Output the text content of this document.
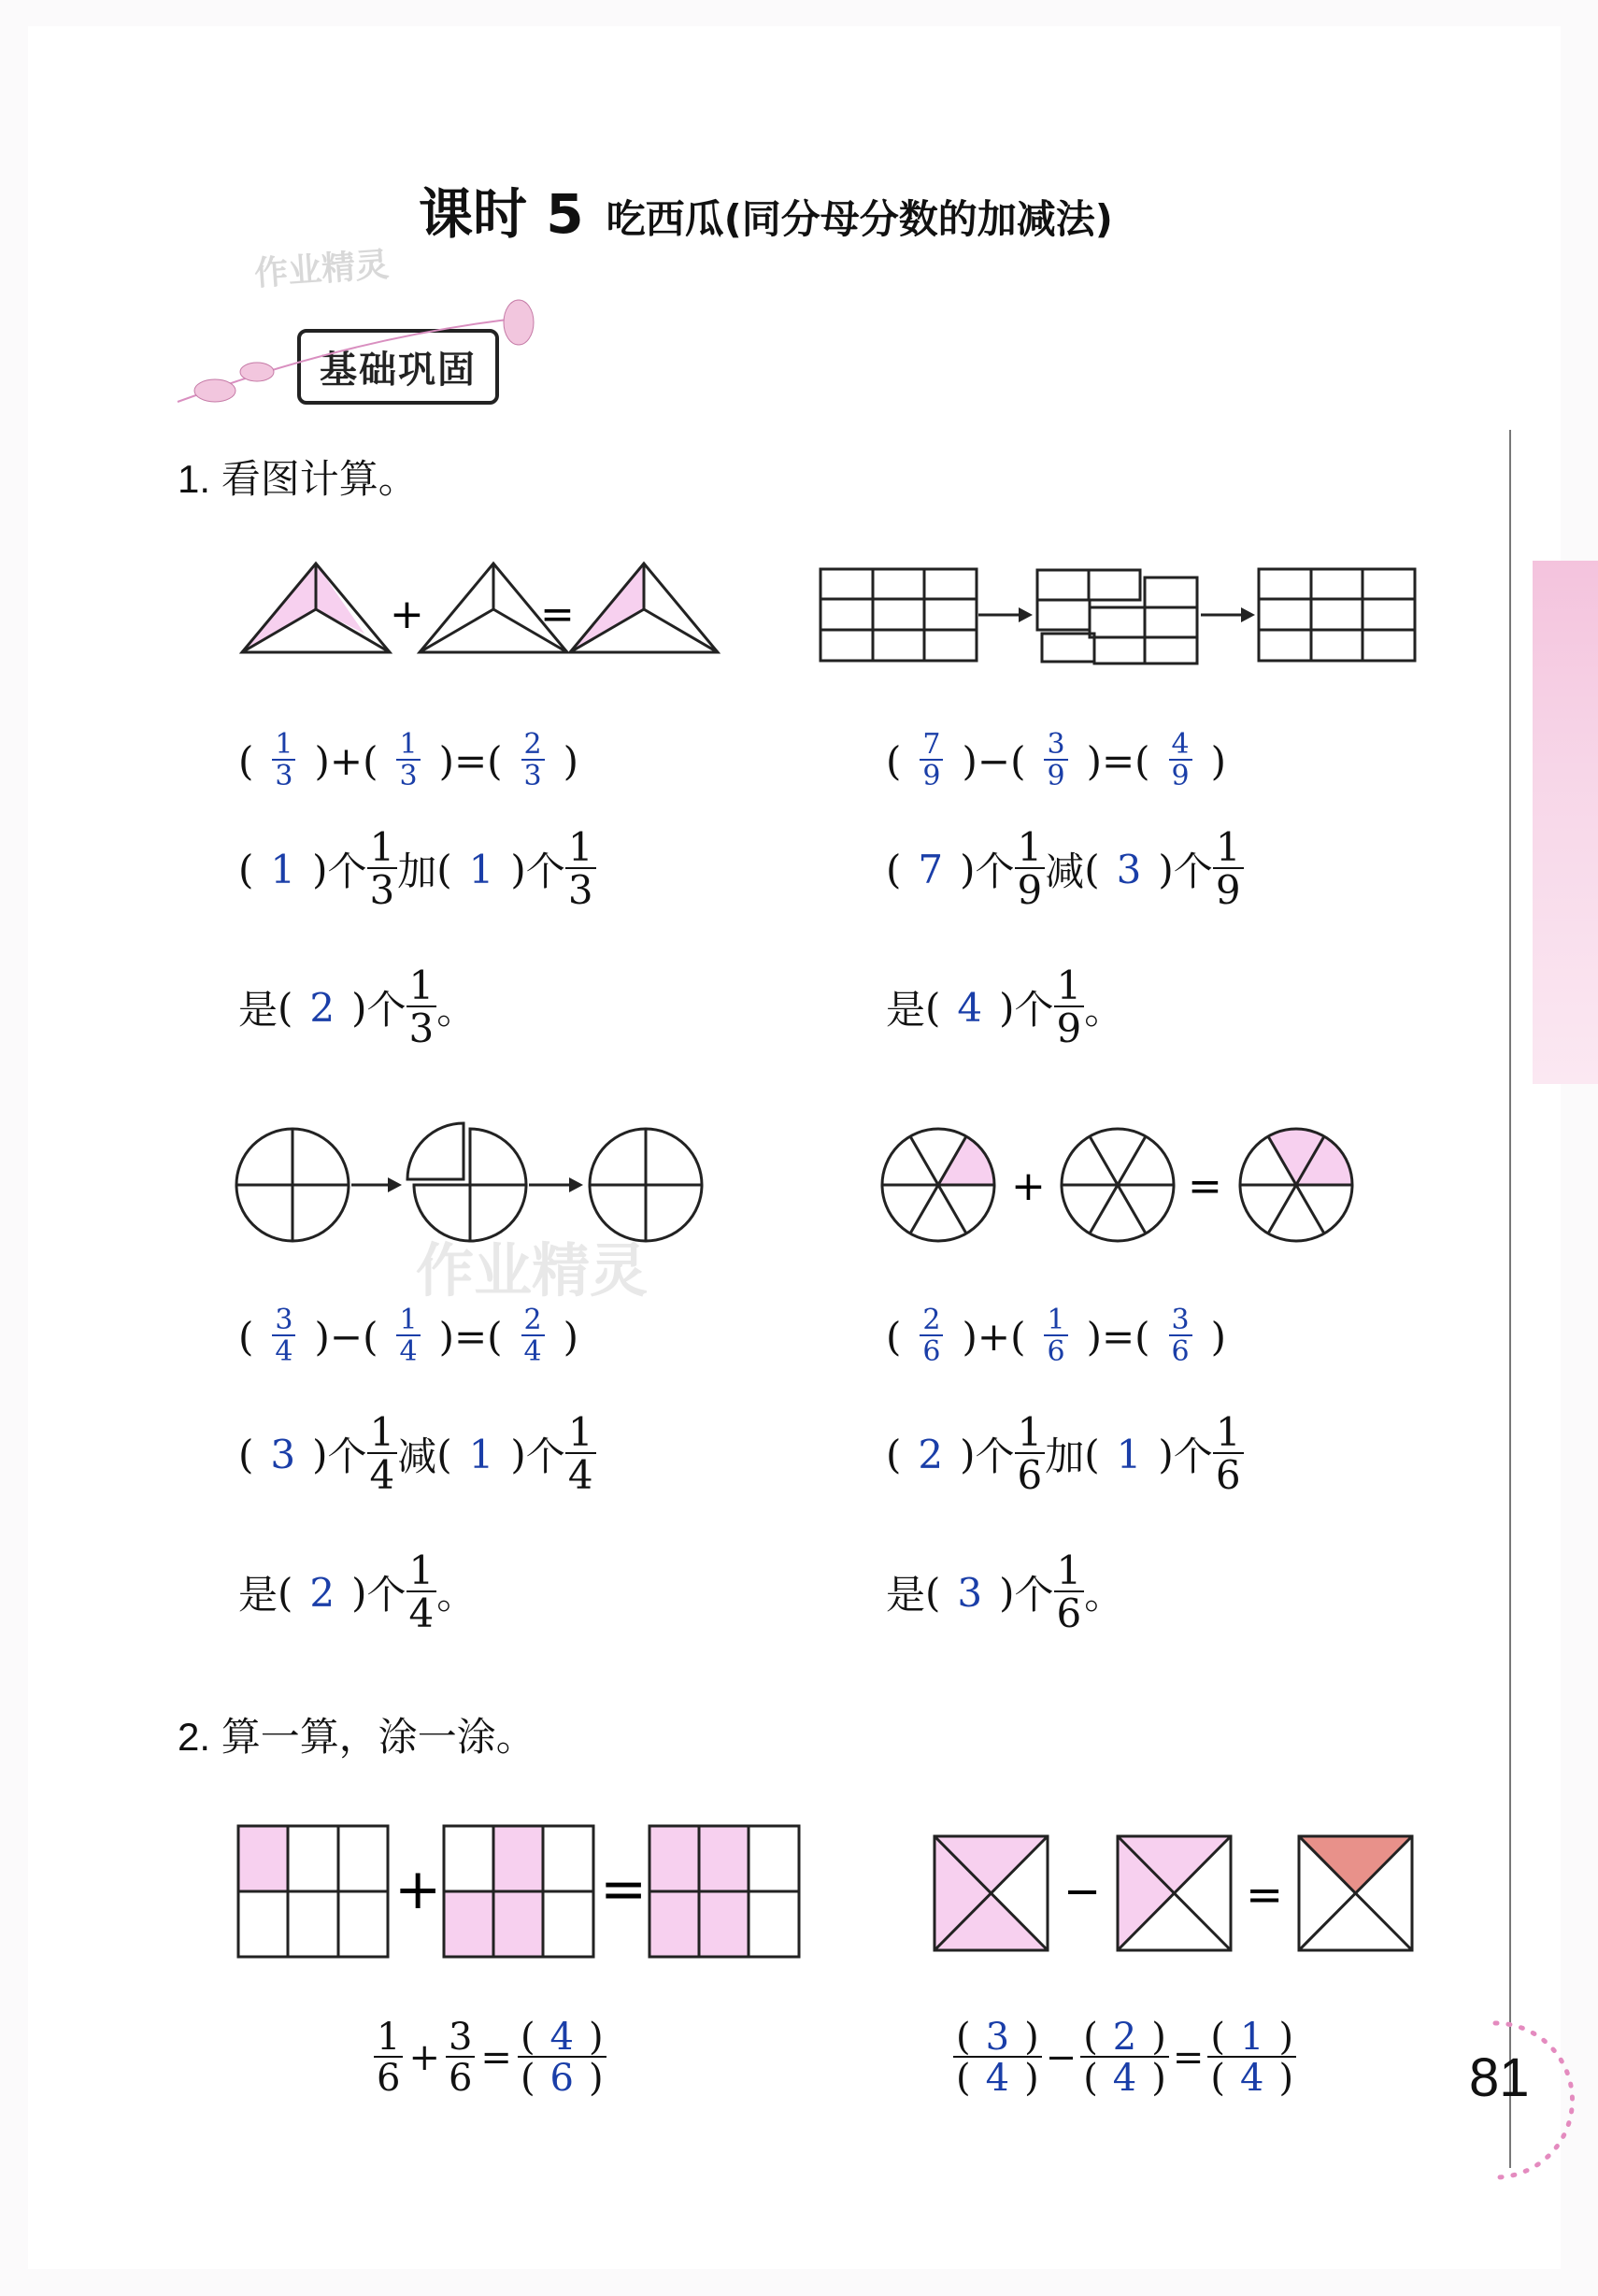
课时 5 吃西瓜(同分母分数的加减法)
作业精灵
基础巩固
1. 看图计算。
+	=
+	=
+	=	−	=
作业精灵
( $\frac{1}{3}$ ) + ( $\frac{1}{3}$ ) = ( $\frac{2}{3}$ )
( 1 ) 个 $\frac{1}{3}$ 加 ( 1 ) 个 $\frac{1}{3}$
是 ( 2 ) 个 $\frac{1}{3}$ 。
( $\frac{7}{9}$ ) − ( $\frac{3}{9}$ ) = ( $\frac{4}{9}$ )
( 7 ) 个 $\frac{1}{9}$ 减 ( 3 ) 个 $\frac{1}{9}$
是 ( 4 ) 个 $\frac{1}{9}$ 。
( $\frac{3}{4}$ ) − ( $\frac{1}{4}$ ) = ( $\frac{2}{4}$ )
( 3 ) 个 $\frac{1}{4}$ 减 ( 1 ) 个 $\frac{1}{4}$
是 ( 2 ) 个 $\frac{1}{4}$ 。
( $\frac{2}{6}$ ) + ( $\frac{1}{6}$ ) = ( $\frac{3}{6}$ )
( 2 ) 个 $\frac{1}{6}$ 加 ( 1 ) 个 $\frac{1}{6}$
是 ( 3 ) 个 $\frac{1}{6}$ 。
2. 算一算，涂一涂。
$\frac{1}{6} + \frac{3}{6} = \frac{( 4 )}{( 6 )}$	$\frac{( 3 )}{( 4 )} - \frac{( 2 )}{( 4 )} = \frac{( 1 )}{( 4 )}$	81
